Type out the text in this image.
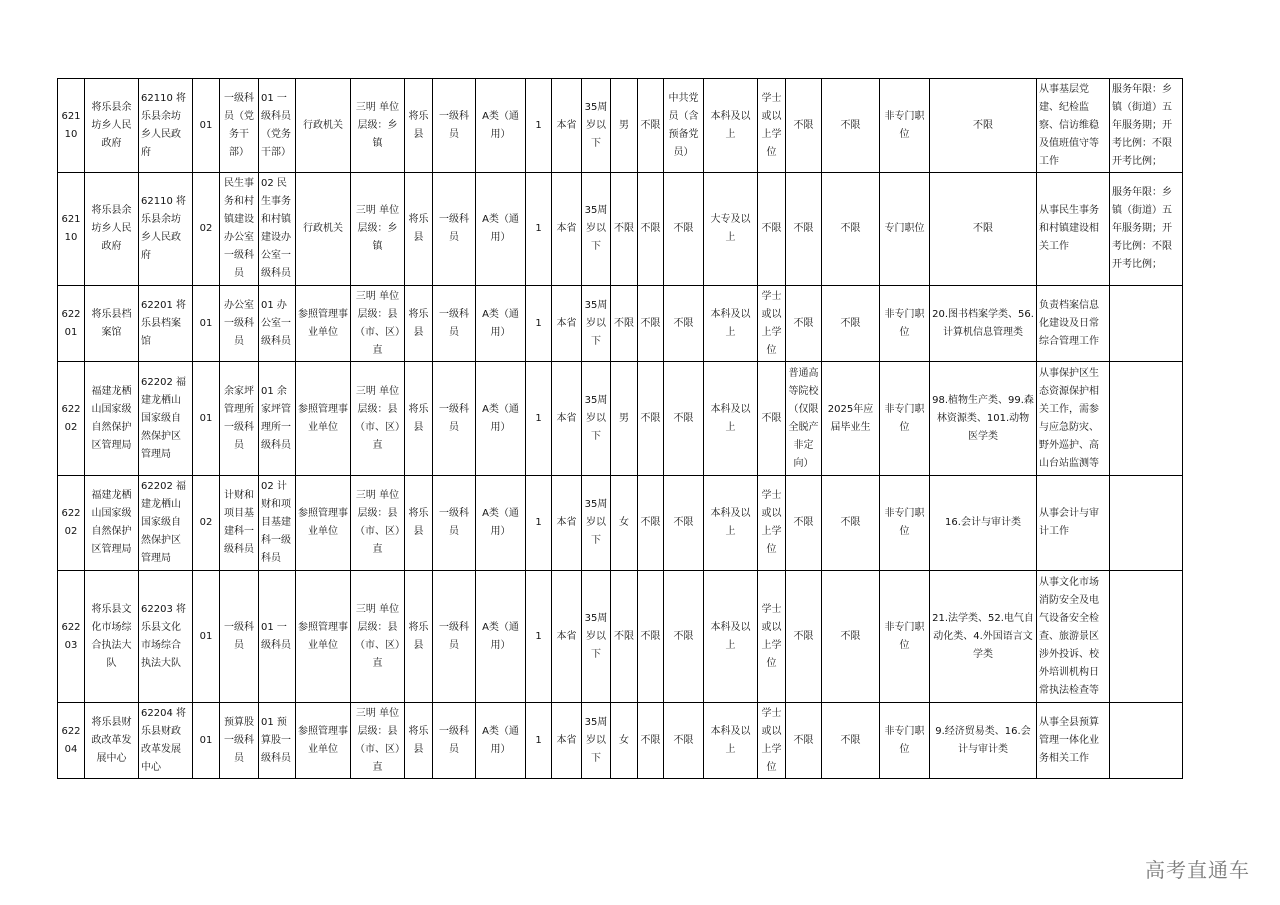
62110	将乐县余坊乡人民政府	62110 将乐县余坊乡人民政府	01	一级科员（党务干部）	01 一级科员（党务干部）	行政机关	三明 单位层级：乡镇	将乐县	一级科员	A类（通用）	1	本省	35周岁以下	男	不限	中共党员（含预备党员）	本科及以上	学士或以上学位	不限	不限	非专门职位	不限	从事基层党建、纪检监察、信访维稳及值班值守等工作	服务年限：乡镇（街道）五年服务期；开考比例：不限开考比例；
62110	将乐县余坊乡人民政府	62110 将乐县余坊乡人民政府	02	民生事务和村镇建设办公室一级科员	02 民生事务和村镇建设办公室一级科员	行政机关	三明 单位层级：乡镇	将乐县	一级科员	A类（通用）	1	本省	35周岁以下	不限	不限	不限	大专及以上	不限	不限	不限	专门职位	不限	从事民生事务和村镇建设相关工作	服务年限：乡镇（街道）五年服务期；开考比例：不限开考比例；
62201	将乐县档案馆	62201 将乐县档案馆	01	办公室一级科员	01 办公室一级科员	参照管理事业单位	三明 单位层级：县（市、区）直	将乐县	一级科员	A类（通用）	1	本省	35周岁以下	不限	不限	不限	本科及以上	学士或以上学位	不限	不限	非专门职位	20.图书档案学类、56. 计算机信息管理类	负责档案信息化建设及日常综合管理工作	
62202	福建龙栖山国家级自然保护区管理局	62202 福建龙栖山国家级自然保护区管理局	01	余家坪管理所一级科员	01 余家坪管理所一级科员	参照管理事业单位	三明 单位层级：县（市、区）直	将乐县	一级科员	A类（通用）	1	本省	35周岁以下	男	不限	不限	本科及以上	不限	普通高等院校（仅限全脱产非定向）	2025年应届毕业生	非专门职位	98.植物生产类、99.森林资源类、101.动物医学类	从事保护区生态资源保护相关工作，需参与应急防灾、野外巡护、高山台站监测等	
62202	福建龙栖山国家级自然保护区管理局	62202 福建龙栖山国家级自然保护区管理局	02	计财和项目基建科一级科员	02 计财和项目基建科一级科员	参照管理事业单位	三明 单位层级：县（市、区）直	将乐县	一级科员	A类（通用）	1	本省	35周岁以下	女	不限	不限	本科及以上	学士或以上学位	不限	不限	非专门职位	16.会计与审计类	从事会计与审计工作	
62203	将乐县文化市场综合执法大队	62203 将乐县文化市场综合执法大队	01	一级科员	01 一级科员	参照管理事业单位	三明 单位层级：县（市、区）直	将乐县	一级科员	A类（通用）	1	本省	35周岁以下	不限	不限	不限	本科及以上	学士或以上学位	不限	不限	非专门职位	21.法学类、52.电气自动化类、4.外国语言文学类	从事文化市场消防安全及电气设备安全检查、旅游景区涉外投诉、校外培训机构日常执法检查等	
62204	将乐县财政改革发展中心	62204 将乐县财政改革发展中心	01	预算股一级科员	01 预算股一级科员	参照管理事业单位	三明 单位层级：县（市、区）直	将乐县	一级科员	A类（通用）	1	本省	35周岁以下	女	不限	不限	本科及以上	学士或以上学位	不限	不限	非专门职位	9.经济贸易类、16.会计与审计类	从事全县预算管理一体化业务相关工作	
高考直通车
